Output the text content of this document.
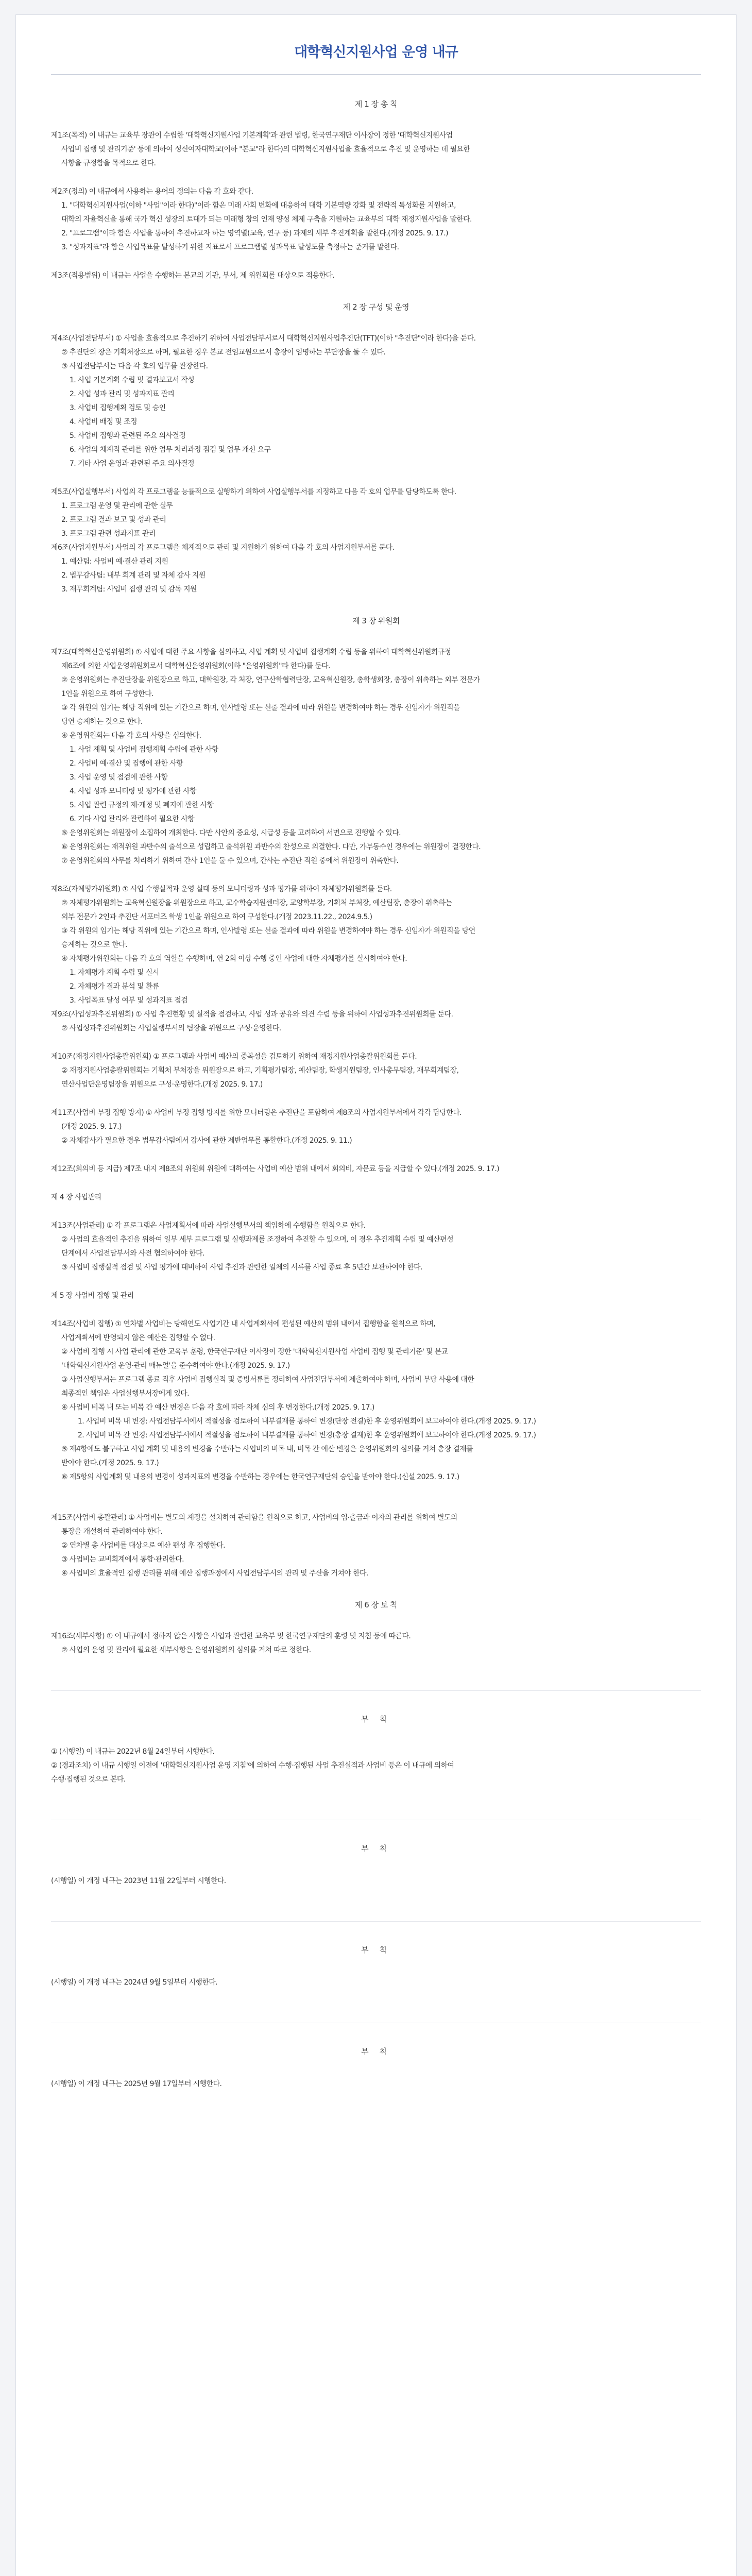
대학혁신지원사업 운영 내규
제 1 장 총 칙
제1조(목적) 이 내규는 교육부 장관이 수립한 '대학혁신지원사업 기본계획'과 관련 법령, 한국연구재단 이사장이 정한 '대학혁신지원사업
사업비 집행 및 관리기준' 등에 의하여 성신여자대학교(이하 "본교"라 한다)의 대학혁신지원사업을 효율적으로 추진 및 운영하는 데 필요한
사항을 규정함을 목적으로 한다.
제2조(정의) 이 내규에서 사용하는 용어의 정의는 다음 각 호와 같다.
1. "대학혁신지원사업(이하 "사업"이라 한다)"이라 함은 미래 사회 변화에 대응하여 대학 기본역량 강화 및 전략적 특성화를 지원하고,
대학의 자율혁신을 통해 국가 혁신 성장의 토대가 되는 미래형 창의 인재 양성 체제 구축을 지원하는 교육부의 대학 재정지원사업을 말한다.
2. "프로그램"이라 함은 사업을 통하여 추진하고자 하는 영역별(교육, 연구 등) 과제의 세부 추진계획을 말한다.(개정 2025. 9. 17.)
3. "성과지표"라 함은 사업목표를 달성하기 위한 지표로서 프로그램별 성과목표 달성도를 측정하는 준거를 말한다.
제3조(적용범위) 이 내규는 사업을 수행하는 본교의 기관, 부서, 제 위원회를 대상으로 적용한다.
제 2 장 구성 및 운영
제4조(사업전담부서) ① 사업을 효율적으로 추진하기 위하여 사업전담부서로서 대학혁신지원사업추진단(TFT)(이하 "추진단"이라 한다)을 둔다.
② 추진단의 장은 기획처장으로 하며, 필요한 경우 본교 전임교원으로서 총장이 임명하는 부단장을 둘 수 있다.
③ 사업전담부서는 다음 각 호의 업무를 관장한다.
1. 사업 기본계획 수립 및 결과보고서 작성
2. 사업 성과 관리 및 성과지표 관리
3. 사업비 집행계획 검토 및 승인
4. 사업비 배정 및 조정
5. 사업비 집행과 관련된 주요 의사결정
6. 사업의 체계적 관리를 위한 업무 처리과정 점검 및 업무 개선 요구
7. 기타 사업 운영과 관련된 주요 의사결정
제5조(사업실행부서) 사업의 각 프로그램을 능률적으로 실행하기 위하여 사업실행부서를 지정하고 다음 각 호의 업무를 담당하도록 한다.
1. 프로그램 운영 및 관리에 관한 실무
2. 프로그램 결과 보고 및 성과 관리
3. 프로그램 관련 성과지표 관리
제6조(사업지원부서) 사업의 각 프로그램을 체계적으로 관리 및 지원하기 위하여 다음 각 호의 사업지원부서를 둔다.
1. 예산팀: 사업비 예·결산 관리 지원
2. 법무감사팀: 내부 회계 관리 및 자체 감사 지원
3. 재무회계팀: 사업비 집행 관리 및 감독 지원
제 3 장 위원회
제7조(대학혁신운영위원회) ① 사업에 대한 주요 사항을 심의하고, 사업 계획 및 사업비 집행계획 수립 등을 위하여 대학혁신위원회규정
제6조에 의한 사업운영위원회로서 대학혁신운영위원회(이하 "운영위원회"라 한다)를 둔다.
② 운영위원회는 추진단장을 위원장으로 하고, 대학원장, 각 처장, 연구산학협력단장, 교육혁신원장, 총학생회장, 총장이 위촉하는 외부 전문가
1인을 위원으로 하여 구성한다.
③ 각 위원의 임기는 해당 직위에 있는 기간으로 하며, 인사발령 또는 선출 결과에 따라 위원을 변경하여야 하는 경우 신임자가 위원직을
당연 승계하는 것으로 한다.
④ 운영위원회는 다음 각 호의 사항을 심의한다.
1. 사업 계획 및 사업비 집행계획 수립에 관한 사항
2. 사업비 예·결산 및 집행에 관한 사항
3. 사업 운영 및 점검에 관한 사항
4. 사업 성과 모니터링 및 평가에 관한 사항
5. 사업 관련 규정의 제·개정 및 폐지에 관한 사항
6. 기타 사업 관리와 관련하여 필요한 사항
⑤ 운영위원회는 위원장이 소집하여 개최한다. 다만 사안의 중요성, 시급성 등을 고려하여 서면으로 진행할 수 있다.
⑥ 운영위원회는 재적위원 과반수의 출석으로 성립하고 출석위원 과반수의 찬성으로 의결한다. 다만, 가부동수인 경우에는 위원장이 결정한다.
⑦ 운영위원회의 사무를 처리하기 위하여 간사 1인을 둘 수 있으며, 간사는 추진단 직원 중에서 위원장이 위촉한다.
제8조(자체평가위원회) ① 사업 수행실적과 운영 실태 등의 모니터링과 성과 평가를 위하여 자체평가위원회를 둔다.
② 자체평가위원회는 교육혁신원장을 위원장으로 하고, 교수학습지원센터장, 교양학부장, 기획처 부처장, 예산팀장, 총장이 위촉하는
외부 전문가 2인과 추진단 서포터즈 학생 1인을 위원으로 하여 구성한다.(개정 2023.11.22., 2024.9.5.)
③ 각 위원의 임기는 해당 직위에 있는 기간으로 하며, 인사발령 또는 선출 결과에 따라 위원을 변경하여야 하는 경우 신임자가 위원직을 당연
승계하는 것으로 한다.
④ 자체평가위원회는 다음 각 호의 역할을 수행하며, 연 2회 이상 수행 중인 사업에 대한 자체평가를 실시하여야 한다.
1. 자체평가 계획 수립 및 실시
2. 자체평가 결과 분석 및 환류
3. 사업목표 달성 여부 및 성과지표 점검
제9조(사업성과추진위원회) ① 사업 추진현황 및 실적을 점검하고, 사업 성과 공유와 의견 수렴 등을 위하여 사업성과추진위원회를 둔다.
② 사업성과추진위원회는 사업실행부서의 팀장을 위원으로 구성·운영한다.
제10조(재정지원사업총괄위원회) ① 프로그램과 사업비 예산의 중복성을 검토하기 위하여 재정지원사업총괄위원회를 둔다.
② 재정지원사업총괄위원회는 기획처 부처장을 위원장으로 하고, 기획평가팀장, 예산팀장, 학생지원팀장, 인사총무팀장, 재무회계팀장,
연산사업단운영팀장을 위원으로 구성·운영한다.(개정 2025. 9. 17.)
제11조(사업비 부정 집행 방지) ① 사업비 부정 집행 방지를 위한 모니터링은 추진단을 포함하여 제8조의 사업지원부서에서 각각 담당한다.
(개정 2025. 9. 17.)
② 자체감사가 필요한 경우 법무감사팀에서 감사에 관한 제반업무를 통할한다.(개정 2025. 9. 11.)
제12조(회의비 등 지급) 제7조 내지 제8조의 위원회 위원에 대하여는 사업비 예산 범위 내에서 회의비, 자문료 등을 지급할 수 있다.(개정 2025. 9. 17.)
제 4 장 사업관리
제13조(사업관리) ① 각 프로그램은 사업계획서에 따라 사업실행부서의 책임하에 수행함을 원칙으로 한다.
② 사업의 효율적인 추진을 위하여 일부 세부 프로그램 및 실행과제를 조정하여 추진할 수 있으며, 이 경우 추진계획 수립 및 예산편성
단계에서 사업전담부서와 사전 협의하여야 한다.
③ 사업비 집행실적 점검 및 사업 평가에 대비하여 사업 추진과 관련한 일체의 서류를 사업 종료 후 5년간 보관하여야 한다.
제 5 장 사업비 집행 및 관리
제14조(사업비 집행) ① 연차별 사업비는 당해연도 사업기간 내 사업계획서에 편성된 예산의 범위 내에서 집행함을 원칙으로 하며,
사업계획서에 반영되지 않은 예산은 집행할 수 없다.
② 사업비 집행 시 사업 관리에 관한 교육부 훈령, 한국연구재단 이사장이 정한 '대학혁신지원사업 사업비 집행 및 관리기준' 및 본교
'대학혁신지원사업 운영·관리 매뉴얼'을 준수하여야 한다.(개정 2025. 9. 17.)
③ 사업실행부서는 프로그램 종료 직후 사업비 집행실적 및 증빙서류를 정리하여 사업전담부서에 제출하여야 하며, 사업비 부당 사용에 대한
최종적인 책임은 사업실행부서장에게 있다.
④ 사업비 비목 내 또는 비목 간 예산 변경은 다음 각 호에 따라 자체 심의 후 변경한다.(개정 2025. 9. 17.)
1. 사업비 비목 내 변경: 사업전담부서에서 적절성을 검토하여 내부결재를 통하여 변경(단장 전결)한 후 운영위원회에 보고하여야 한다.(개정 2025. 9. 17.)
2. 사업비 비목 간 변경: 사업전담부서에서 적절성을 검토하여 내부결재를 통하여 변경(총장 결재)한 후 운영위원회에 보고하여야 한다.(개정 2025. 9. 17.)
⑤ 제4항에도 불구하고 사업 계획 및 내용의 변경을 수반하는 사업비의 비목 내, 비목 간 예산 변경은 운영위원회의 심의를 거쳐 총장 결재를
받아야 한다.(개정 2025. 9. 17.)
⑥ 제5항의 사업계획 및 내용의 변경이 성과지표의 변경을 수반하는 경우에는 한국연구재단의 승인을 받아야 한다.(신설 2025. 9. 17.)
제15조(사업비 총괄관리) ① 사업비는 별도의 계정을 설치하여 관리함을 원칙으로 하고, 사업비의 입·출금과 이자의 관리를 위하여 별도의
통장을 개설하여 관리하여야 한다.
② 연차별 총 사업비를 대상으로 예산 편성 후 집행한다.
③ 사업비는 교비회계에서 통합·관리한다.
④ 사업비의 효율적인 집행 관리를 위해 예산 집행과정에서 사업전담부서의 관리 및 주산을 거쳐야 한다.
제 6 장 보 칙
제16조(세부사항) ① 이 내규에서 정하지 않은 사항은 사업과 관련한 교육부 및 한국연구재단의 훈령 및 지침 등에 따른다.
② 사업의 운영 및 관리에 필요한 세부사항은 운영위원회의 심의를 거쳐 따로 정한다.
부 칙
① (시행일) 이 내규는 2022년 8월 24일부터 시행한다.
② (경과조치) 이 내규 시행일 이전에 '대학혁신지원사업 운영 지침'에 의하여 수행·집행된 사업 추진실적과 사업비 등은 이 내규에 의하여
수행·집행된 것으로 본다.
부 칙
(시행일) 이 개정 내규는 2023년 11월 22일부터 시행한다.
부 칙
(시행일) 이 개정 내규는 2024년 9월 5일부터 시행한다.
부 칙
(시행일) 이 개정 내규는 2025년 9월 17일부터 시행한다.
